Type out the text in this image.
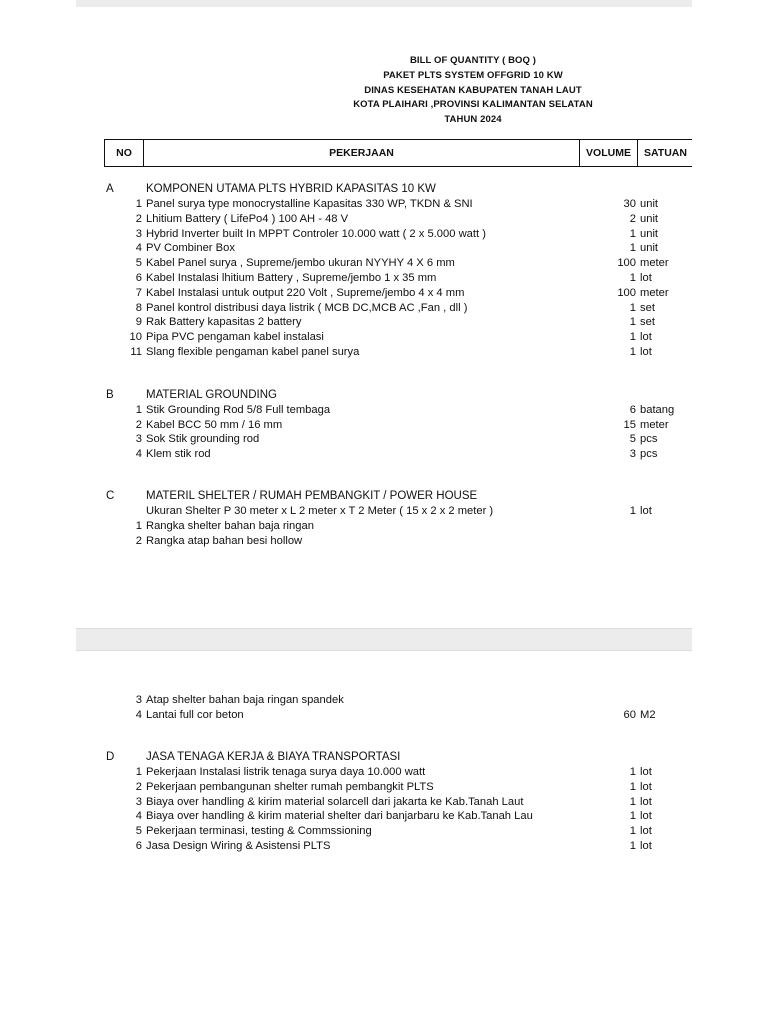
BILL OF QUANTITY ( BOQ )
PAKET PLTS SYSTEM OFFGRID 10 KW
DINAS KESEHATAN KABUPATEN TANAH LAUT
KOTA PLAIHARI ,PROVINSI KALIMANTAN SELATAN
TAHUN 2024
NO	PEKERJAAN	VOLUME	SATUAN
A	KOMPONEN UTAMA PLTS HYBRID KAPASITAS 10 KW
1 Panel surya type monocrystalline Kapasitas 330 WP, TKDN & SNI	30 unit
2 Lhitium Battery ( LifePo4 ) 100 AH - 48 V	2 unit
3 Hybrid Inverter built In MPPT Controler 10.000 watt ( 2 x 5.000 watt )	1 unit
4 PV Combiner Box	1 unit
5 Kabel Panel surya , Supreme/jembo ukuran NYYHY 4 X 6 mm	100 meter
6 Kabel Instalasi lhitium Battery , Supreme/jembo 1 x 35 mm	1 lot
7 Kabel Instalasi untuk output 220 Volt , Supreme/jembo 4 x 4 mm	100 meter
8 Panel kontrol distribusi daya listrik ( MCB DC,MCB AC ,Fan , dll )	1 set
9 Rak Battery kapasitas 2 battery	1 set
10 Pipa PVC pengaman kabel instalasi	1 lot
11 Slang flexible pengaman kabel panel surya	1 lot
B	MATERIAL GROUNDING
1 Stik Grounding Rod 5/8 Full tembaga	6 batang
2 Kabel BCC 50 mm / 16 mm	15 meter
3 Sok Stik grounding rod	5 pcs
4 Klem stik rod	3 pcs
C	MATERIL SHELTER / RUMAH PEMBANGKIT / POWER HOUSE
Ukuran Shelter P 30 meter x L 2 meter x T 2 Meter ( 15 x 2 x 2 meter )	1 lot
1 Rangka shelter bahan baja ringan
2 Rangka atap bahan besi hollow
3 Atap shelter bahan baja ringan spandek
4 Lantai full cor beton	60 M2
D	JASA TENAGA KERJA & BIAYA TRANSPORTASI
1 Pekerjaan Instalasi listrik tenaga surya daya 10.000 watt	1 lot
2 Pekerjaan pembangunan shelter rumah pembangkit PLTS	1 lot
3 Biaya over handling & kirim material solarcell dari jakarta ke Kab.Tanah Laut	1 lot
4 Biaya over handling & kirim material shelter dari banjarbaru ke Kab.Tanah Lau	1 lot
5 Pekerjaan terminasi, testing & Commssioning	1 lot
6 Jasa Design Wiring & Asistensi PLTS	1 lot
